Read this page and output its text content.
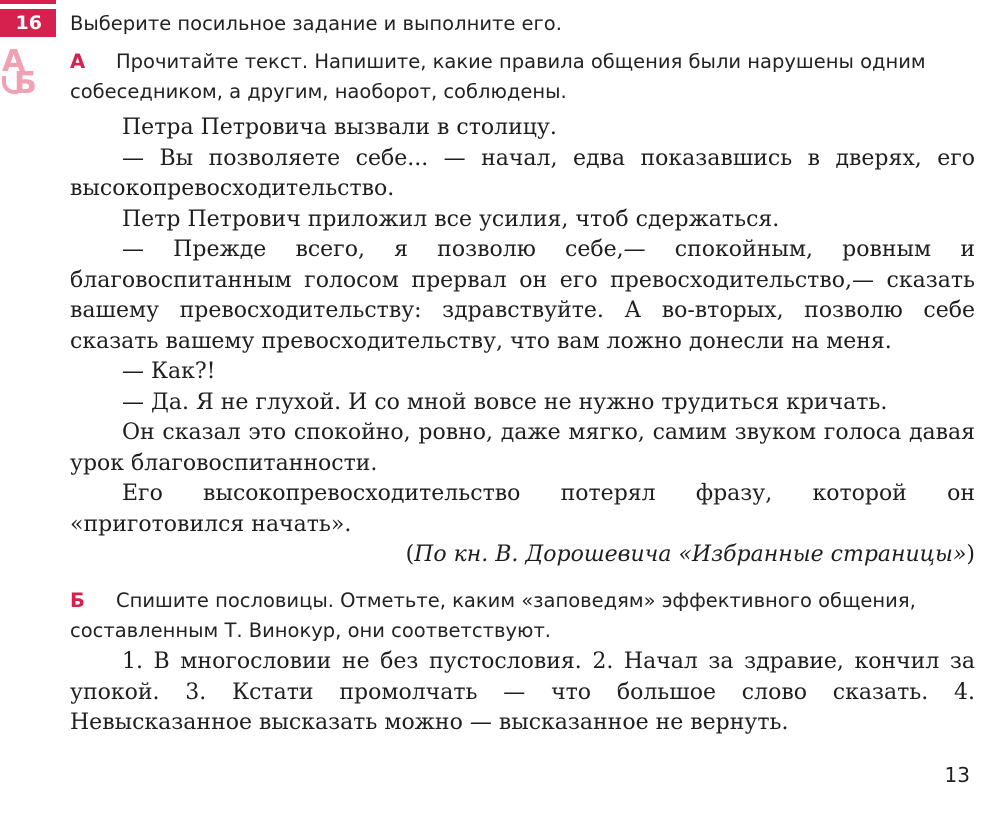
16
А
Б
Выберите посильное задание и выполните его.
А Прочитайте текст. Напишите, какие правила общения были нарушены одним собеседником, а другим, наоборот, соблюдены.

Петра Петровича вызвали в столицу.

— Вы позволяете себе... — начал, едва показавшись в дверях, его высокопревосходительство.

Петр Петрович приложил все усилия, чтоб сдержаться.

— Прежде всего, я позволю себе,— спокойным, ровным и благовоспитанным голосом прервал он его превосходительство,— сказать вашему превосходительству: здравствуйте. А во-вторых, позволю себе сказать вашему превосходительству, что вам ложно донесли на меня.

— Как?!

— Да. Я не глухой. И со мной вовсе не нужно трудиться кричать.

Он сказал это спокойно, ровно, даже мягко, самим звуком голоса давая урок благовоспитанности.

Его высокопревосходительство потерял фразу, которой он «приготовился начать».

(По кн. В. Дорошевича «Избранные страницы»)

Б Спишите пословицы. Отметьте, каким «заповедям» эффективного общения, составленным Т. Винокур, они соответствуют.

1. В многословии не без пустословия. 2. Начал за здравие, кончил за упокой. 3. Кстати промолчать — что большое слово сказать. 4. Невысказанное высказать можно — высказанное не вернуть.

13
